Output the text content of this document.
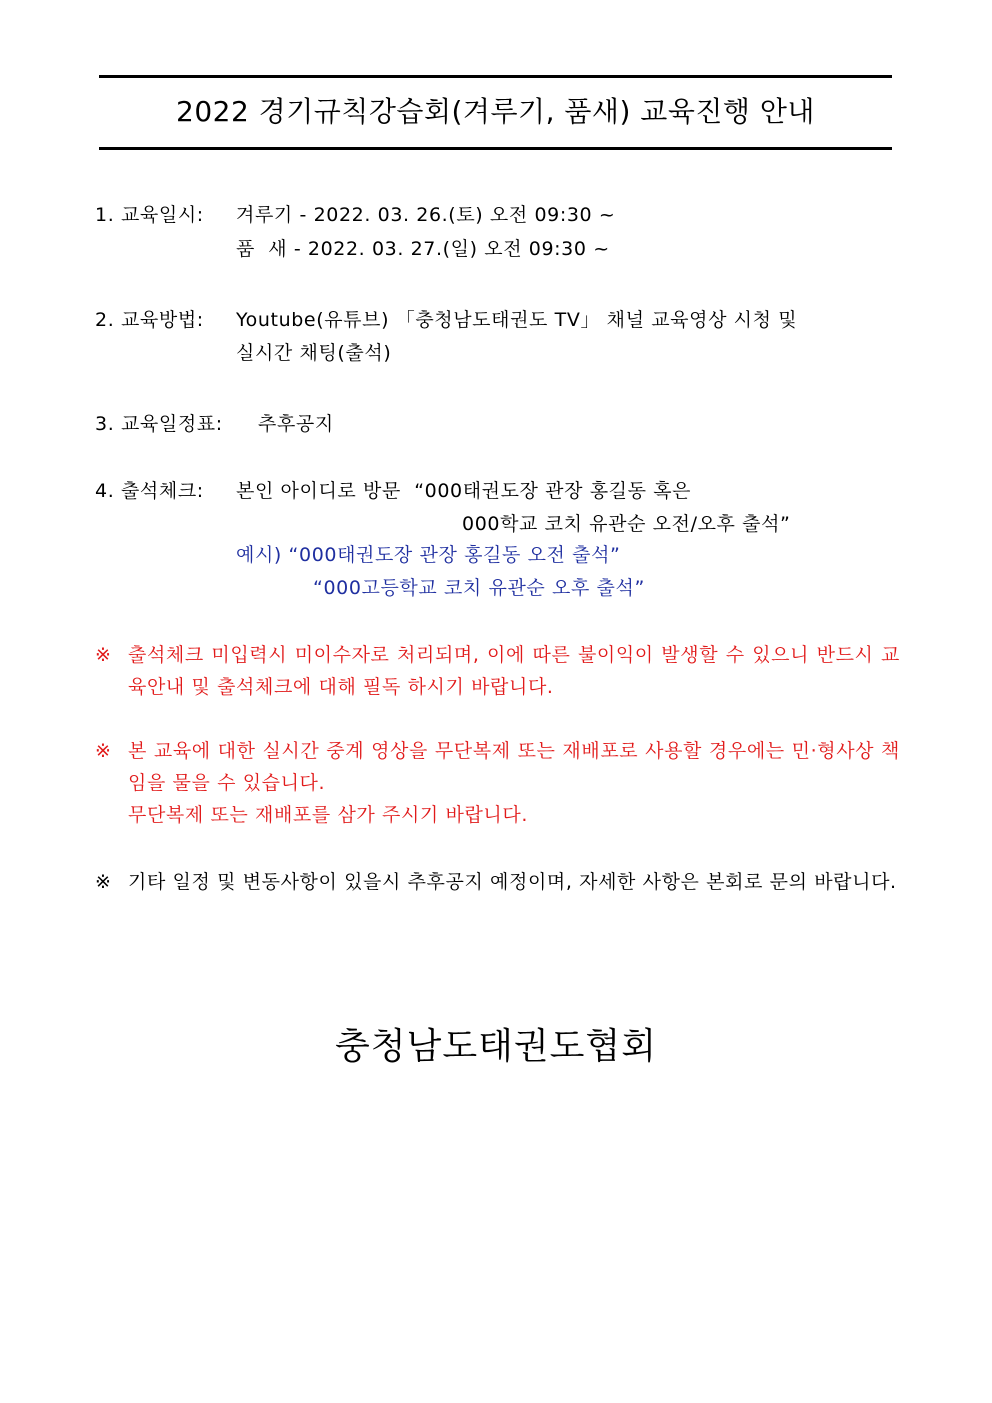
2022 경기규칙강습회(겨루기, 품새) 교육진행 안내
1. 교육일시: 겨루기 - 2022. 03. 26.(토) 오전 09:30 ~
품  새 - 2022. 03. 27.(일) 오전 09:30 ~
2. 교육방법: Youtube(유튜브) 「충청남도태권도 TV」 채널 교육영상 시청 및
실시간 채팅(출석)
3. 교육일정표: 추후공지
4. 출석체크: 본인 아이디로 방문  “000태권도장 관장 홍길동 혹은
000학교 코치 유관순 오전/오후 출석”
예시) “000태권도장 관장 홍길동 오전 출석”
“000고등학교 코치 유관순 오후 출석”
※ 출석체크 미입력시 미이수자로 처리되며, 이에 따른 불이익이 발생할 수 있으니 반드시 교육안내 및 출석체크에 대해 필독 하시기 바랍니다.
※ 본 교육에 대한 실시간 중계 영상을 무단복제 또는 재배포로 사용할 경우에는 민·형사상 책임을 물을 수 있습니다.
무단복제 또는 재배포를 삼가 주시기 바랍니다.
※ 기타 일정 및 변동사항이 있을시 추후공지 예정이며, 자세한 사항은 본회로 문의 바랍니다.
충청남도태권도협회
